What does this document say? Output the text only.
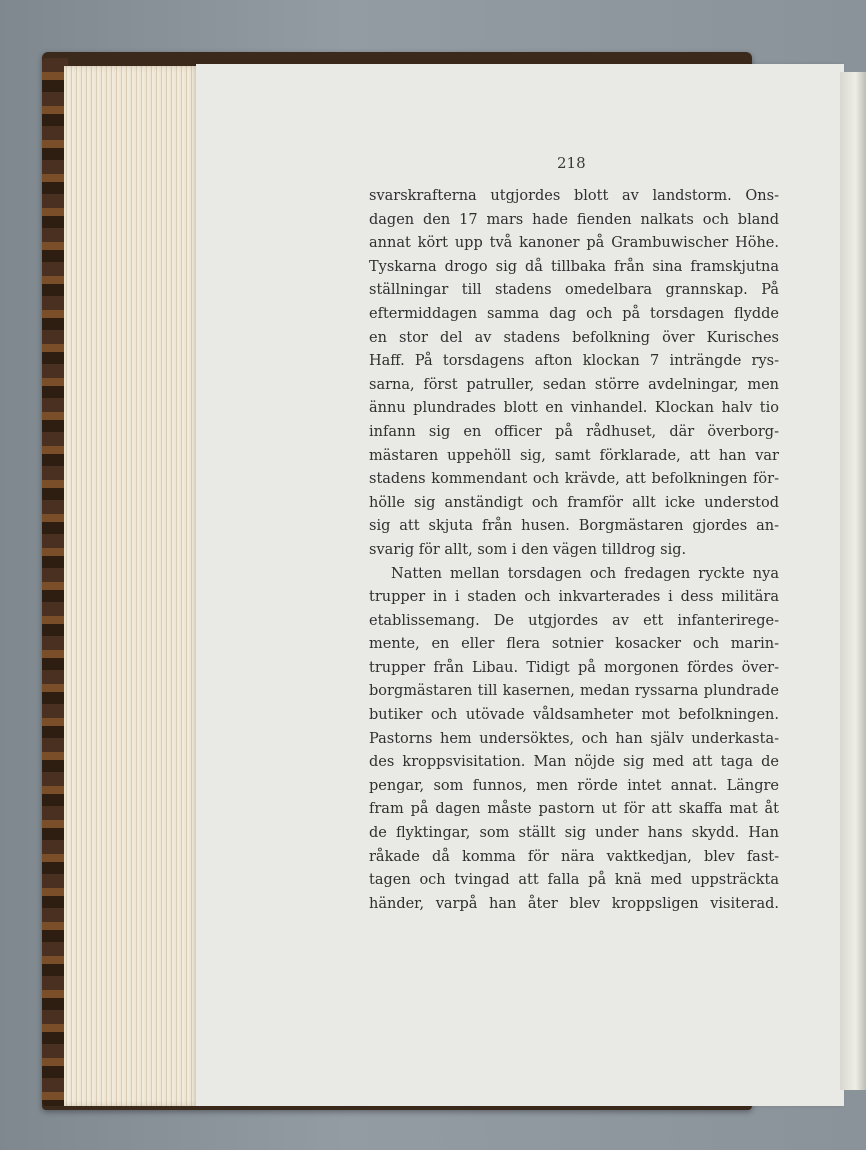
218
svarskrafterna utgjordes blott av landstorm. Ons-
dagen den 17 mars hade fienden nalkats och bland
annat kört upp två kanoner på Grambuwischer Höhe.
Tyskarna drogo sig då tillbaka från sina framskjutna
ställningar till stadens omedelbara grannskap. På
eftermiddagen samma dag och på torsdagen flydde
en stor del av stadens befolkning över Kurisches
Haff. På torsdagens afton klockan 7 inträngde rys-
sarna, först patruller, sedan större avdelningar, men
ännu plundrades blott en vinhandel. Klockan halv tio
infann sig en officer på rådhuset, där överborg-
mästaren uppehöll sig, samt förklarade, att han var
stadens kommendant och krävde, att befolkningen för-
hölle sig anständigt och framför allt icke understod
sig att skjuta från husen. Borgmästaren gjordes an-
svarig för allt, som i den vägen tilldrog sig.
Natten mellan torsdagen och fredagen ryckte nya
trupper in i staden och inkvarterades i dess militära
etablissemang. De utgjordes av ett infanterirege-
mente, en eller flera sotnier kosacker och marin-
trupper från Libau. Tidigt på morgonen fördes över-
borgmästaren till kasernen, medan ryssarna plundrade
butiker och utövade våldsamheter mot befolkningen.
Pastorns hem undersöktes, och han själv underkasta-
des kroppsvisitation. Man nöjde sig med att taga de
pengar, som funnos, men rörde intet annat. Längre
fram på dagen måste pastorn ut för att skaffa mat åt
de flyktingar, som ställt sig under hans skydd. Han
råkade då komma för nära vaktkedjan, blev fast-
tagen och tvingad att falla på knä med uppsträckta
händer, varpå han åter blev kroppsligen visiterad.
